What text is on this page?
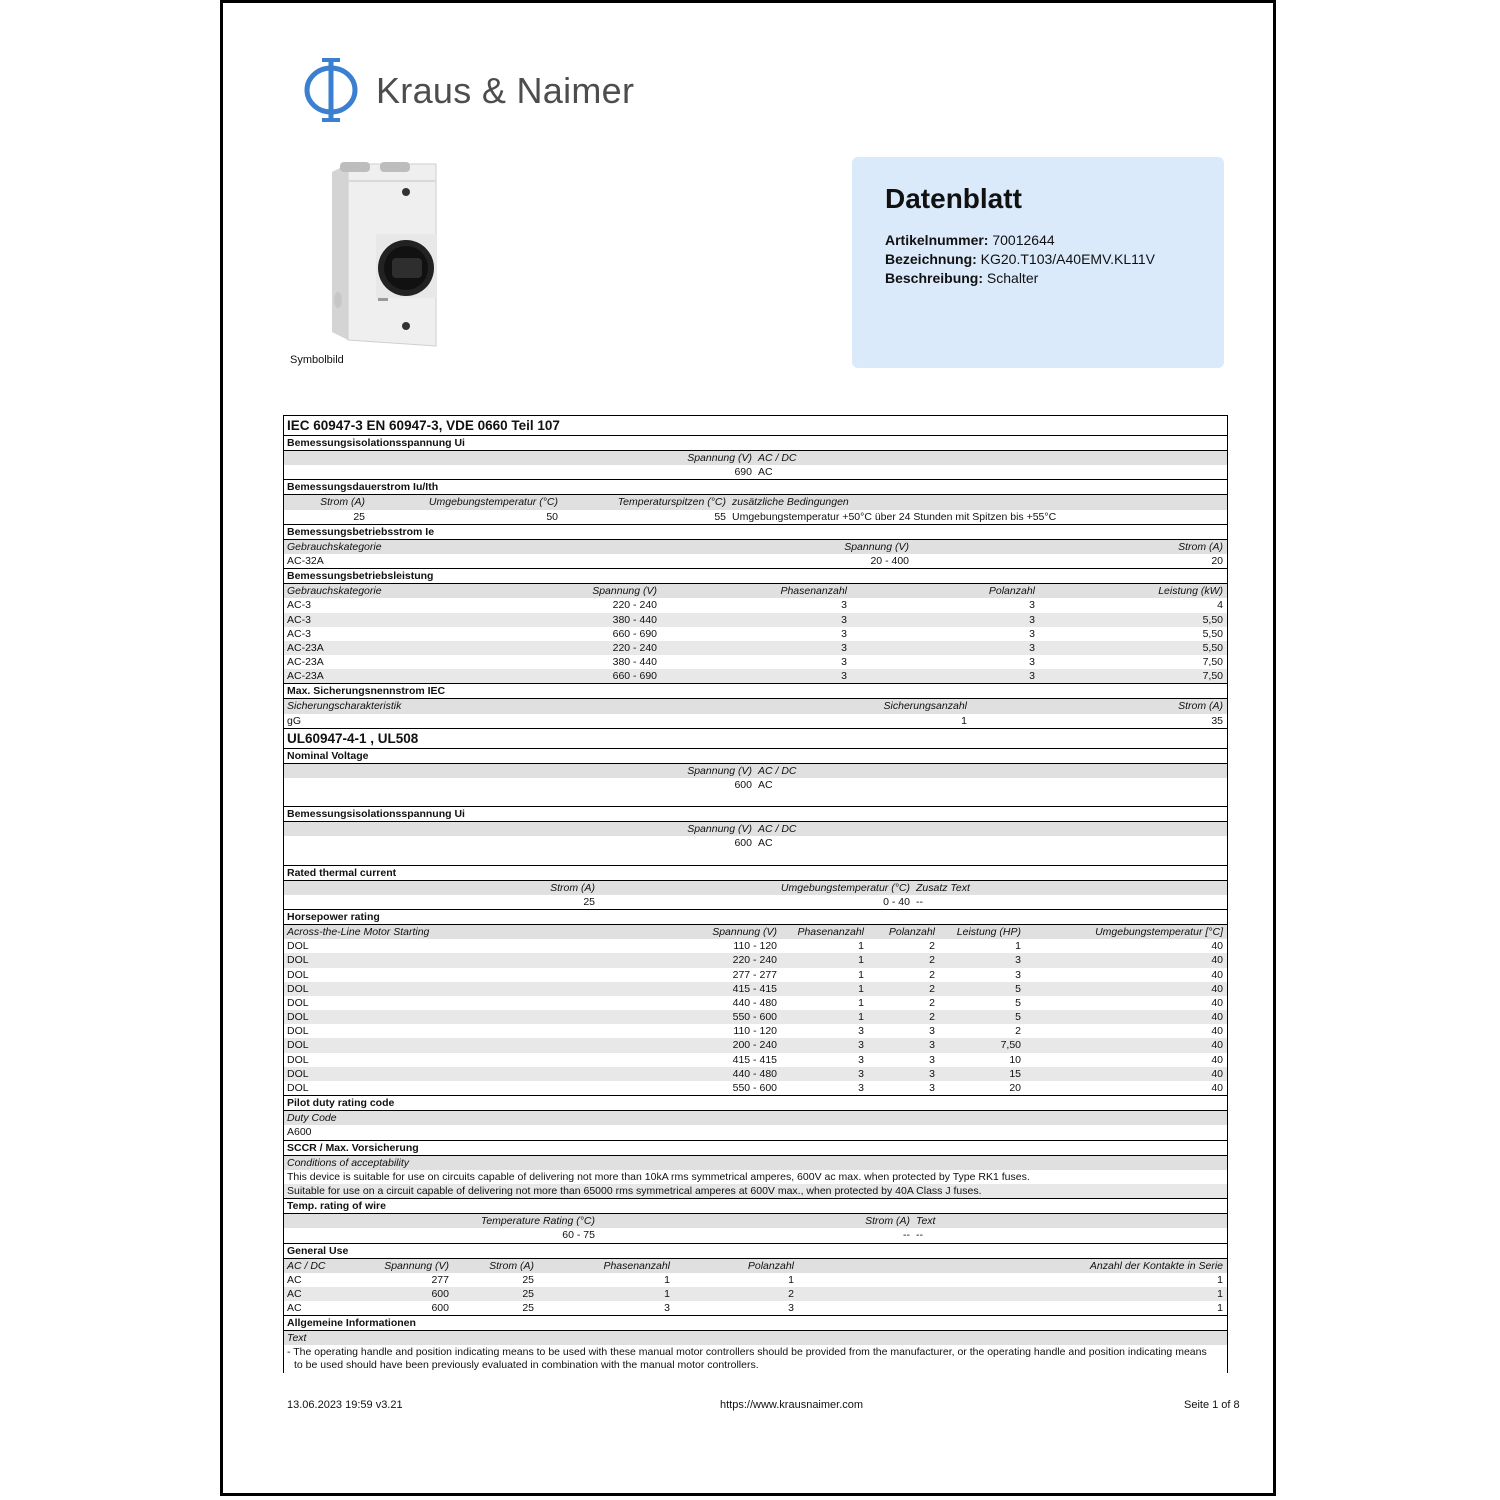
Kraus & Naimer
Symbolbild
Datenblatt
Artikelnummer: 70012644
Bezeichnung: KG20.T103/A40EMV.KL11V
Beschreibung: Schalter
IEC 60947-3 EN 60947-3, VDE 0660 Teil 107
Bemessungsisolationsspannung Ui
Spannung (V) AC / DC
690 AC
Bemessungsdauerstrom Iu/Ith
Strom (A)	Umgebungstemperatur (°C)	Temperaturspitzen (°C) zusätzliche Bedingungen
25	50	55 Umgebungstemperatur +50°C über 24 Stunden mit Spitzen bis +55°C
Bemessungsbetriebsstrom Ie
Gebrauchskategorie	Spannung (V)	Strom (A)
AC-32A	20 - 400	20
Bemessungsbetriebsleistung
Gebrauchskategorie	Spannung (V)	Phasenanzahl	Polanzahl	Leistung (kW)
AC-3	220 - 240	3	3	4
AC-3	380 - 440	3	3	5,50
AC-3	660 - 690	3	3	5,50
AC-23A	220 - 240	3	3	5,50
AC-23A	380 - 440	3	3	7,50
AC-23A	660 - 690	3	3	7,50
Max. Sicherungsnennstrom IEC
Sicherungscharakteristik	Sicherungsanzahl	Strom (A)
gG	1	35
UL60947-4-1 , UL508
Nominal Voltage
Spannung (V) AC / DC
600 AC
Bemessungsisolationsspannung Ui
Spannung (V) AC / DC
600 AC
Rated thermal current
Strom (A)	Umgebungstemperatur (°C) Zusatz Text
25	0 - 40 --
Horsepower rating
Across-the-Line Motor Starting	Spannung (V) Phasenanzahl Polanzahl Leistung (HP)	Umgebungstemperatur [°C]
DOL	110 - 120	1	2	1	40
DOL	220 - 240	1	2	3	40
DOL	277 - 277	1	2	3	40
DOL	415 - 415	1	2	5	40
DOL	440 - 480	1	2	5	40
DOL	550 - 600	1	2	5	40
DOL	110 - 120	3	3	2	40
DOL	200 - 240	3	3	7,50	40
DOL	415 - 415	3	3	10	40
DOL	440 - 480	3	3	15	40
DOL	550 - 600	3	3	20	40
Pilot duty rating code
Duty Code
A600
SCCR / Max. Vorsicherung
Conditions of acceptability
This device is suitable for use on circuits capable of delivering not more than 10kA rms symmetrical amperes, 600V ac max. when protected by Type RK1 fuses.
Suitable for use on a circuit capable of delivering not more than 65000 rms symmetrical amperes at 600V max., when protected by 40A Class J fuses.
Temp. rating of wire
Temperature Rating (°C)	Strom (A) Text
60 - 75	-- --
General Use
AC / DC	Spannung (V)	Strom (A)	Phasenanzahl	Polanzahl	Anzahl der Kontakte in Serie
AC	277	25	1	1	1
AC	600	25	1	2	1
AC	600	25	3	3	1
Allgemeine Informationen
Text
- The operating handle and position indicating means to be used with these manual motor controllers should be provided from the manufacturer, or the operating handle and position indicating means
to be used should have been previously evaluated in combination with the manual motor controllers.
13.06.2023 19:59 v3.21	https://www.krausnaimer.com	Seite 1 of 8
